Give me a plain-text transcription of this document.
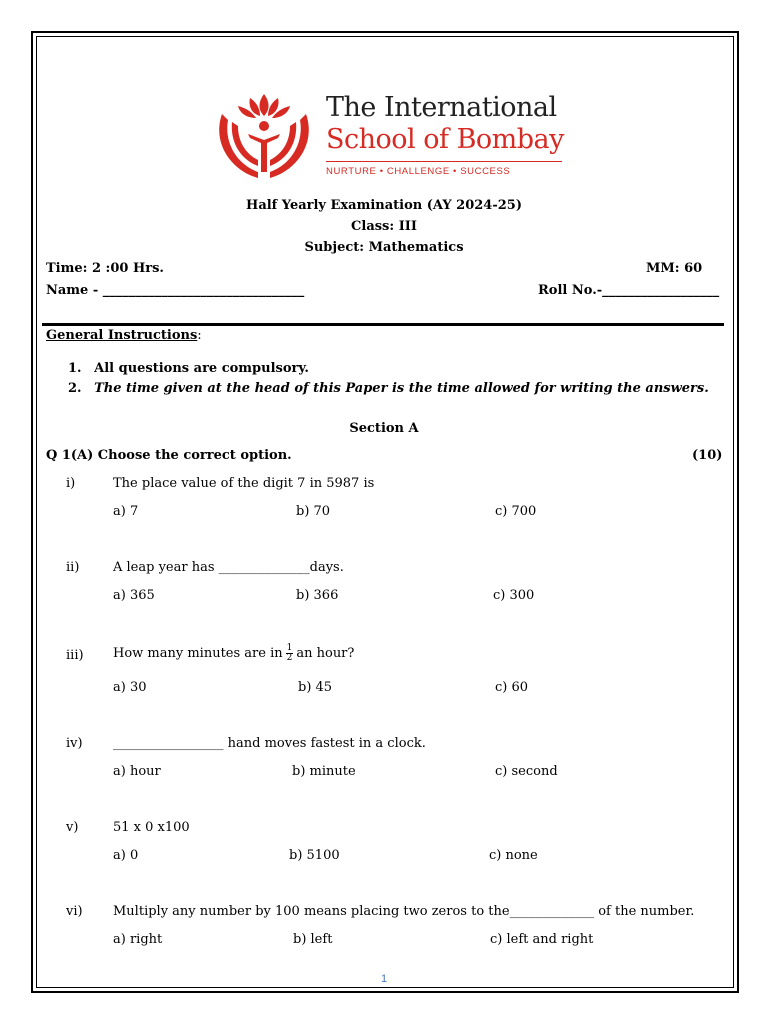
The International
School of Bombay
NURTURE • CHALLENGE • SUCCESS
Half Yearly Examination (AY 2024-25)
Class: III
Subject: Mathematics
Time: 2 :00 Hrs.	MM: 60
Name - _______________________________	Roll No.-__________________
General Instructions:
1. All questions are compulsory.
2. The time given at the head of this Paper is the time allowed for writing the answers.
Section A
Q 1(A) Choose the correct option.	(10)
i)	The place value of the digit 7 in 5987 is
a) 7	b) 70	c) 700
ii)	A leap year has ______________days.
a) 365	b) 366	c) 300
iii) How many minutes are in $\frac{1}{2}$ an hour?
a) 30	b) 45	c) 60
iv) _________________ hand moves fastest in a clock.
a) hour	b) minute	c) second
v)	51 x 0 x100
a) 0	b) 5100	c) none
vi) Multiply any number by 100 means placing two zeros to the_____________ of the number.
a) right	b) left	c) left and right
1
